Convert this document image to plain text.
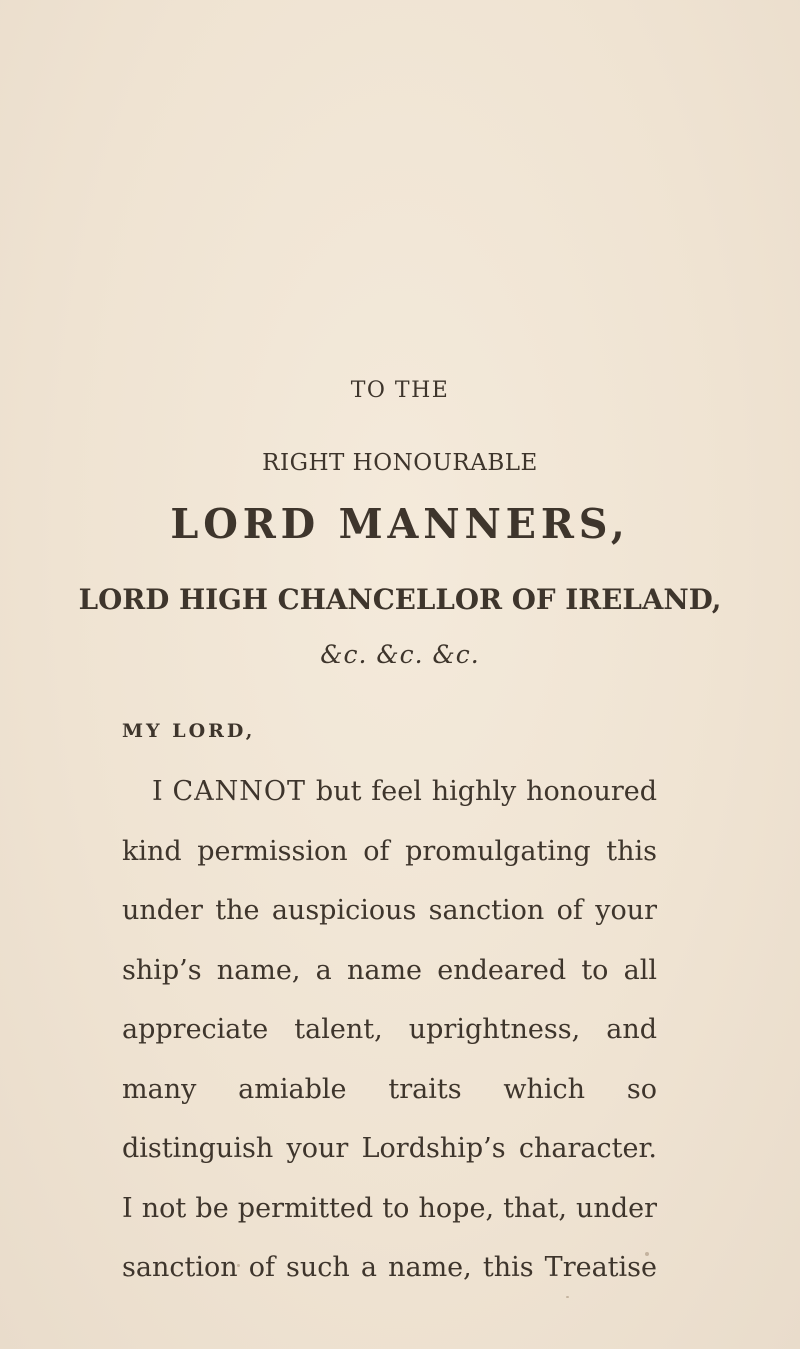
TO THE
RIGHT HONOURABLE
LORD MANNERS,
LORD HIGH CHANCELLOR OF IRELAND,

&c. &c. &c.

MY LORD,

I CANNOT but feel highly honoured
kind permission of promulgating this
under the auspicious sanction of your
ship’s name, a name endeared to all
appreciate talent, uprightness, and
many amiable traits which so
distinguish your Lordship’s character.
I not be permitted to hope, that, under
sanction of such a name, this Treatise
